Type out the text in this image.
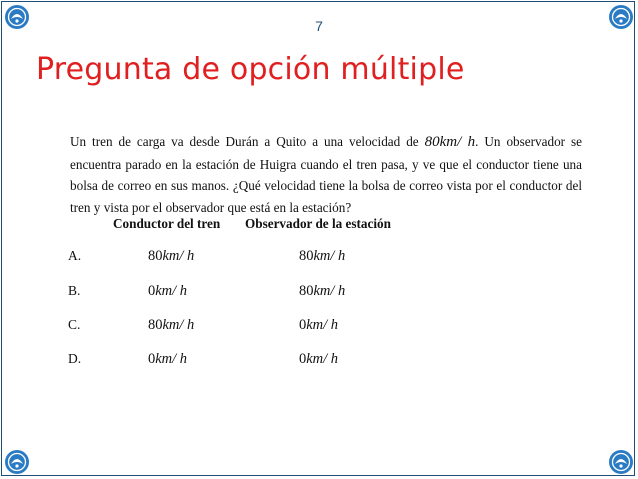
7
Pregunta de opción múltiple
Un tren de carga va desde Durán a Quito a una velocidad de 80km/ h. Un observador se
encuentra parado en la estación de Huigra cuando el tren pasa, y ve que el conductor tiene una
bolsa de correo en sus manos. ¿Qué velocidad tiene la bolsa de correo vista por el conductor del
tren y vista por el observador que está en la estación?
Conductor del tren Observador de la estación
A.	80km/ h	80km/ h
B.	0km/ h	80km/ h
C.	80km/ h	0km/ h
D.	0km/ h	0km/ h
